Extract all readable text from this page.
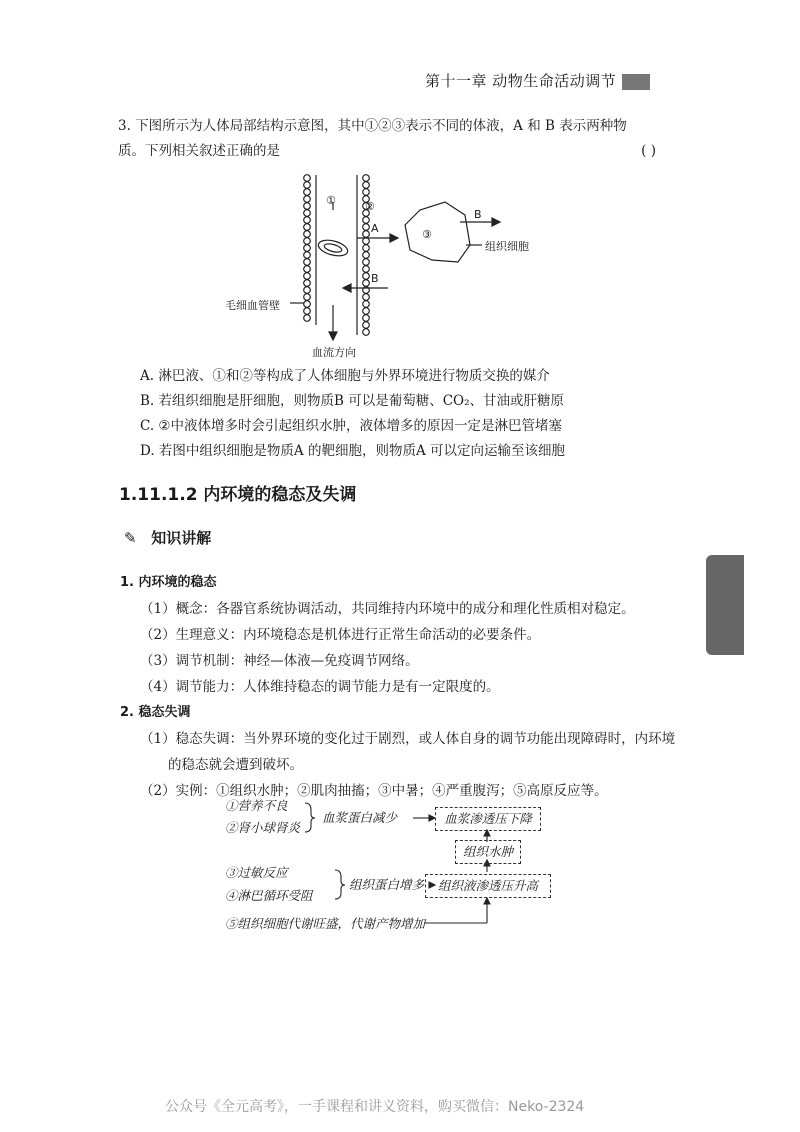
第十一章 动物生命活动调节
3. 下图所示为人体局部结构示意图，其中①②③表示不同的体液，A 和 B 表示两种物质。下列相关叙述正确的是	( )
①	②
③
A
B
B
组织细胞
毛细血管壁
血流方向
A. 淋巴液、①和②等构成了人体细胞与外界环境进行物质交换的媒介
B. 若组织细胞是肝细胞，则物质B 可以是葡萄糖、CO₂、甘油或肝糖原
C. ②中液体增多时会引起组织水肿，液体增多的原因一定是淋巴管堵塞
D. 若图中组织细胞是物质A 的靶细胞，则物质A 可以定向运输至该细胞
1.11.1.2 内环境的稳态及失调
✎ 知识讲解
1. 内环境的稳态
（1）概念：各器官系统协调活动，共同维持内环境中的成分和理化性质相对稳定。
（2）生理意义：内环境稳态是机体进行正常生命活动的必要条件。
（3）调节机制：神经—体液—免疫调节网络。
（4）调节能力：人体维持稳态的调节能力是有一定限度的。
2. 稳态失调
（1）稳态失调：当外界环境的变化过于剧烈，或人体自身的调节功能出现障碍时，内环境
的稳态就会遭到破坏。
（2）实例：①组织水肿；②肌肉抽搐；③中暑；④严重腹泻；⑤高原反应等。
①营养不良
②肾小球肾炎
③过敏反应
④淋巴循环受阻
⑤组织细胞代谢旺盛，代谢产物增加
血浆蛋白减少
组织蛋白增多
血浆渗透压下降
组织水肿
组织液渗透压升高
公众号《全元高考》，一手课程和讲义资料，购买微信：Neko-2324
